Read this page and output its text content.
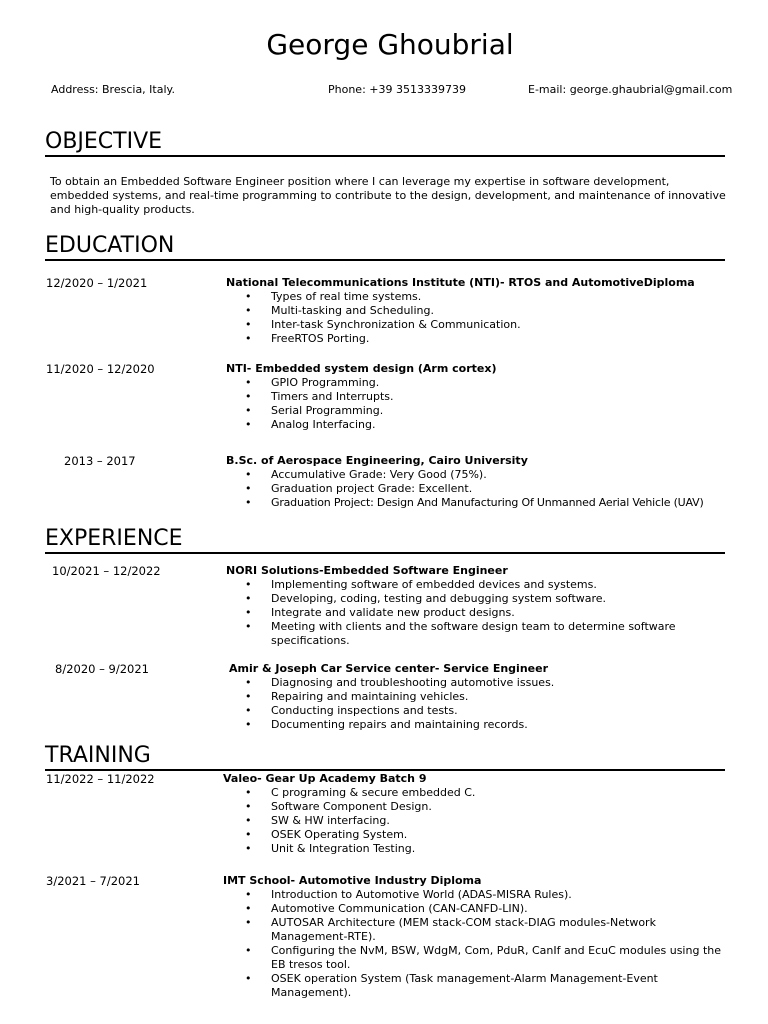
George Ghoubrial

Address: Brescia, Italy.	Phone: +39 3513339739	E-mail: george.ghaubrial@gmail.com

OBJECTIVE

To obtain an Embedded Software Engineer position where I can leverage my expertise in software development, embedded systems, and real-time programming to contribute to the design, development, and maintenance of innovative and high-quality products.

EDUCATION
12/2020 – 1/2021	National Telecommunications Institute (NTI)- RTOS and AutomotiveDiploma
• Types of real time systems.
• Multi-tasking and Scheduling.
• Inter-task Synchronization & Communication.
• FreeRTOS Porting.
11/2020 – 12/2020	NTI- Embedded system design (Arm cortex)
• GPIO Programming.
• Timers and Interrupts.
• Serial Programming.
• Analog Interfacing.
2013 – 2017	B.Sc. of Aerospace Engineering, Cairo University
• Accumulative Grade: Very Good (75%).
• Graduation project Grade: Excellent.
• Graduation Project: Design And Manufacturing Of Unmanned Aerial Vehicle (UAV)
EXPERIENCE
10/2021 – 12/2022	NORI Solutions-Embedded Software Engineer
• Implementing software of embedded devices and systems.
• Developing, coding, testing and debugging system software.
• Integrate and validate new product designs.
• Meeting with clients and the software design team to determine software specifications.
8/2020 – 9/2021	Amir & Joseph Car Service center- Service Engineer
• Diagnosing and troubleshooting automotive issues.
• Repairing and maintaining vehicles.
• Conducting inspections and tests.
• Documenting repairs and maintaining records.
TRAINING
11/2022 – 11/2022	Valeo- Gear Up Academy Batch 9
• C programing & secure embedded C.
• Software Component Design.
• SW & HW interfacing.
• OSEK Operating System.
• Unit & Integration Testing.
3/2021 – 7/2021	IMT School- Automotive Industry Diploma
• Introduction to Automotive World (ADAS-MISRA Rules).
• Automotive Communication (CAN-CANFD-LIN).
• AUTOSAR Architecture (MEM stack-COM stack-DIAG modules-Network Management-RTE).
• Configuring the NvM, BSW, WdgM, Com, PduR, CanIf and EcuC modules using the EB tresos tool.
• OSEK operation System (Task management-Alarm Management-Event Management).
